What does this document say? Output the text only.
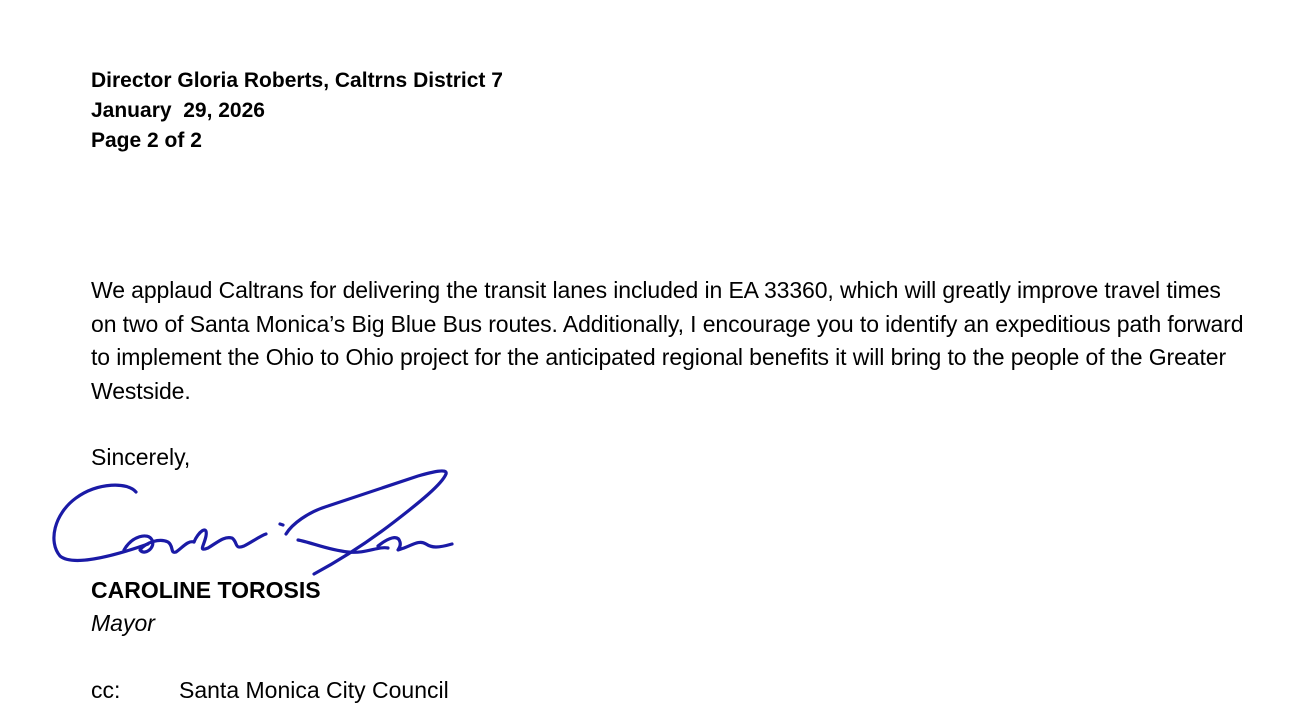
Director Gloria Roberts, Caltrns District 7
January  29, 2026
Page 2 of 2
We applaud Caltrans for delivering the transit lanes included in EA 33360, which will greatly improve travel times on two of Santa Monica’s Big Blue Bus routes. Additionally, I encourage you to identify an expeditious path forward to implement the Ohio to Ohio project for the anticipated regional benefits it will bring to the people of the Greater Westside.
Sincerely,
CAROLINE TOROSIS
Mayor
cc:	Santa Monica City Council
